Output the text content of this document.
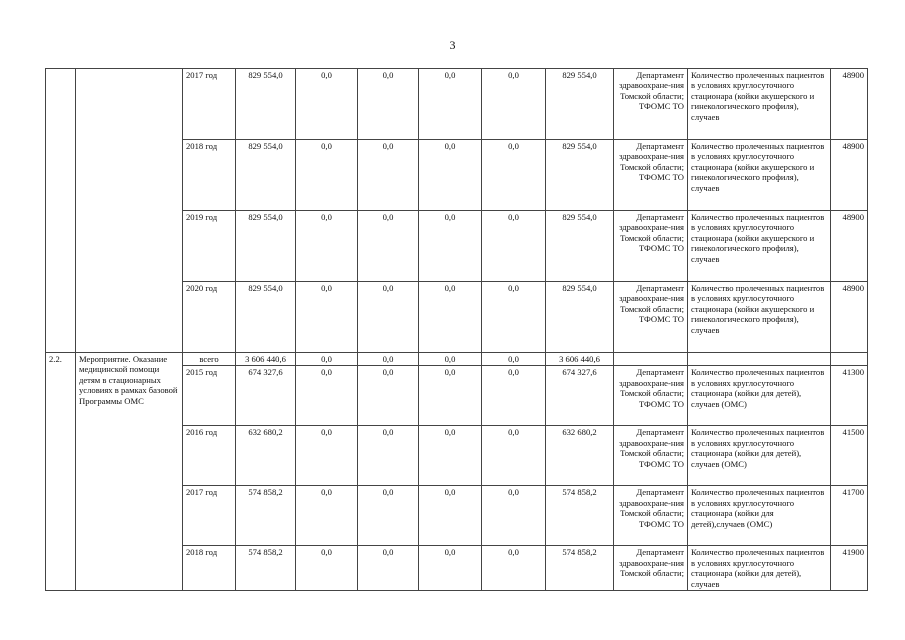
3
		2017 год	829 554,0	0,0	0,0	0,0	0,0	829 554,0	Департамент здравоохране-ния Томской области; ТФОМС ТО	Количество пролеченных пациентов в условиях круглосуточного стационара (койки акушерского и гинекологического профиля), случаев	48900
		2018 год	829 554,0	0,0	0,0	0,0	0,0	829 554,0	Департамент здравоохране-ния Томской области; ТФОМС ТО	Количество пролеченных пациентов в условиях круглосуточного стационара (койки акушерского и гинекологического профиля), случаев	48900
		2019 год	829 554,0	0,0	0,0	0,0	0,0	829 554,0	Департамент здравоохране-ния Томской области; ТФОМС ТО	Количество пролеченных пациентов в условиях круглосуточного стационара (койки акушерского и гинекологического профиля), случаев	48900
		2020 год	829 554,0	0,0	0,0	0,0	0,0	829 554,0	Департамент здравоохране-ния Томской области; ТФОМС ТО	Количество пролеченных пациентов в условиях круглосуточного стационара (койки акушерского и гинекологического профиля), случаев	48900
2.2.	Мероприятие. Оказание медицинской помощи детям в стационарных условиях в рамках базовой Программы ОМС	всего	3 606 440,6	0,0	0,0	0,0	0,0	3 606 440,6			
		2015 год	674 327,6	0,0	0,0	0,0	0,0	674 327,6	Департамент здравоохране-ния Томской области; ТФОМС ТО	Количество пролеченных пациентов в условиях круглосуточного стационара (койки для детей), случаев (ОМС)	41300
		2016 год	632 680,2	0,0	0,0	0,0	0,0	632 680,2	Департамент здравоохране-ния Томской области; ТФОМС ТО	Количество пролеченных пациентов в условиях круглосуточного стационара (койки для детей), случаев (ОМС)	41500
		2017 год	574 858,2	0,0	0,0	0,0	0,0	574 858,2	Департамент здравоохране-ния Томской области; ТФОМС ТО	Количество пролеченных пациентов в условиях круглосуточного стационара (койки для детей),случаев (ОМС)	41700
		2018 год	574 858,2	0,0	0,0	0,0	0,0	574 858,2	Департамент здравоохране-ния Томской области;	Количество пролеченных пациентов в условиях круглосуточного стационара (койки для детей), случаев	41900
